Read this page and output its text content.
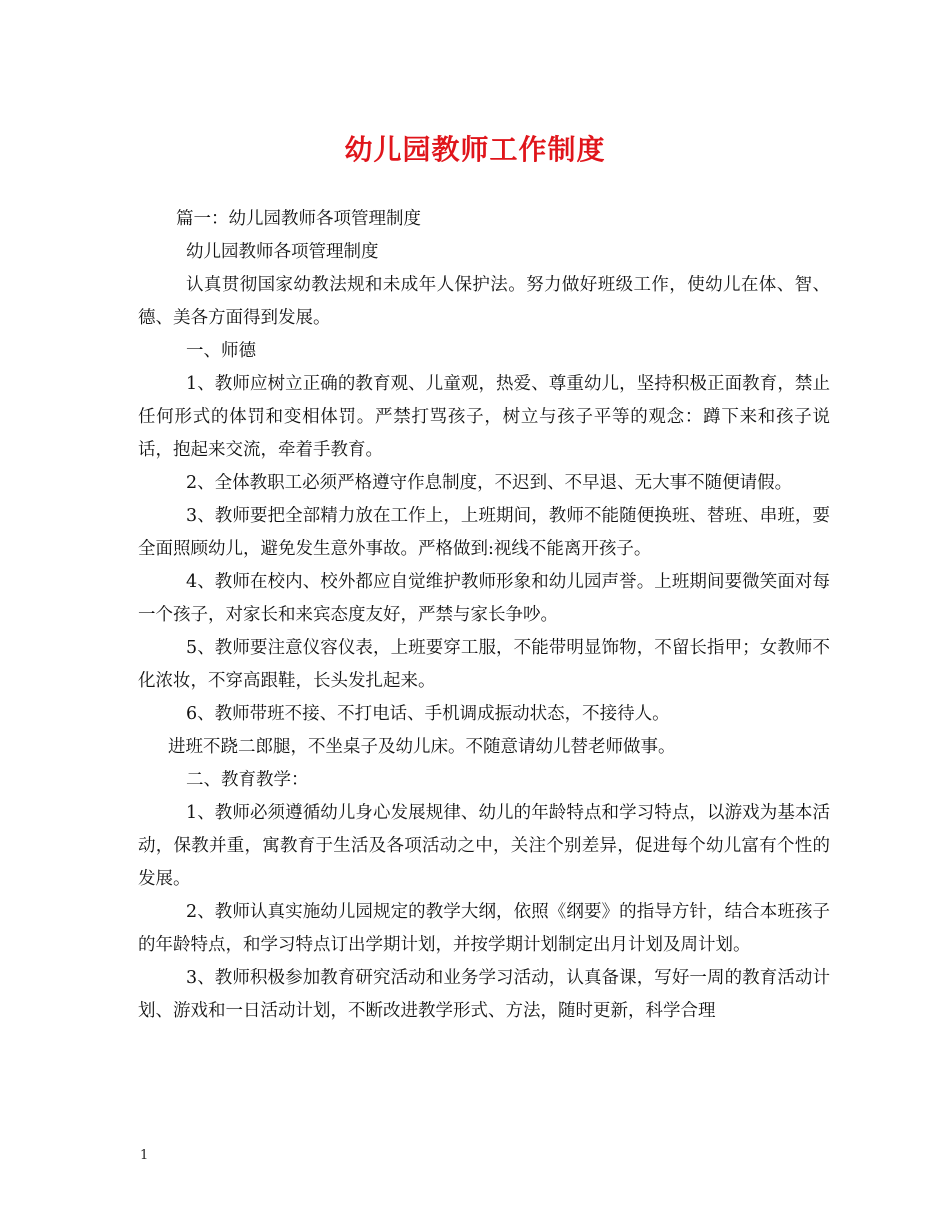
幼儿园教师工作制度

篇一：幼儿园教师各项管理制度

幼儿园教师各项管理制度

认真贯彻国家幼教法规和未成年人保护法。努力做好班级工作，使幼儿在体、智、德、美各方面得到发展。

一、师德

1、教师应树立正确的教育观、儿童观，热爱、尊重幼儿，坚持积极正面教育，禁止任何形式的体罚和变相体罚。严禁打骂孩子，树立与孩子平等的观念：蹲下来和孩子说话，抱起来交流，牵着手教育。

2、全体教职工必须严格遵守作息制度，不迟到、不早退、无大事不随便请假。

3、教师要把全部精力放在工作上，上班期间，教师不能随便换班、替班、串班，要全面照顾幼儿，避免发生意外事故。严格做到:视线不能离开孩子。

4、教师在校内、校外都应自觉维护教师形象和幼儿园声誉。上班期间要微笑面对每一个孩子，对家长和来宾态度友好，严禁与家长争吵。

5、教师要注意仪容仪表，上班要穿工服，不能带明显饰物，不留长指甲；女教师不化浓妆，不穿高跟鞋，长头发扎起来。

6、教师带班不接、不打电话、手机调成振动状态，不接待人。

进班不跷二郎腿，不坐桌子及幼儿床。不随意请幼儿替老师做事。

二、教育教学：

1、教师必须遵循幼儿身心发展规律、幼儿的年龄特点和学习特点，以游戏为基本活动，保教并重，寓教育于生活及各项活动之中，关注个别差异，促进每个幼儿富有个性的发展。

2、教师认真实施幼儿园规定的教学大纲，依照《纲要》的指导方针，结合本班孩子的年龄特点，和学习特点订出学期计划，并按学期计划制定出月计划及周计划。

3、教师积极参加教育研究活动和业务学习活动，认真备课，写好一周的教育活动计划、游戏和一日活动计划，不断改进教学形式、方法，随时更新，科学合理

1
